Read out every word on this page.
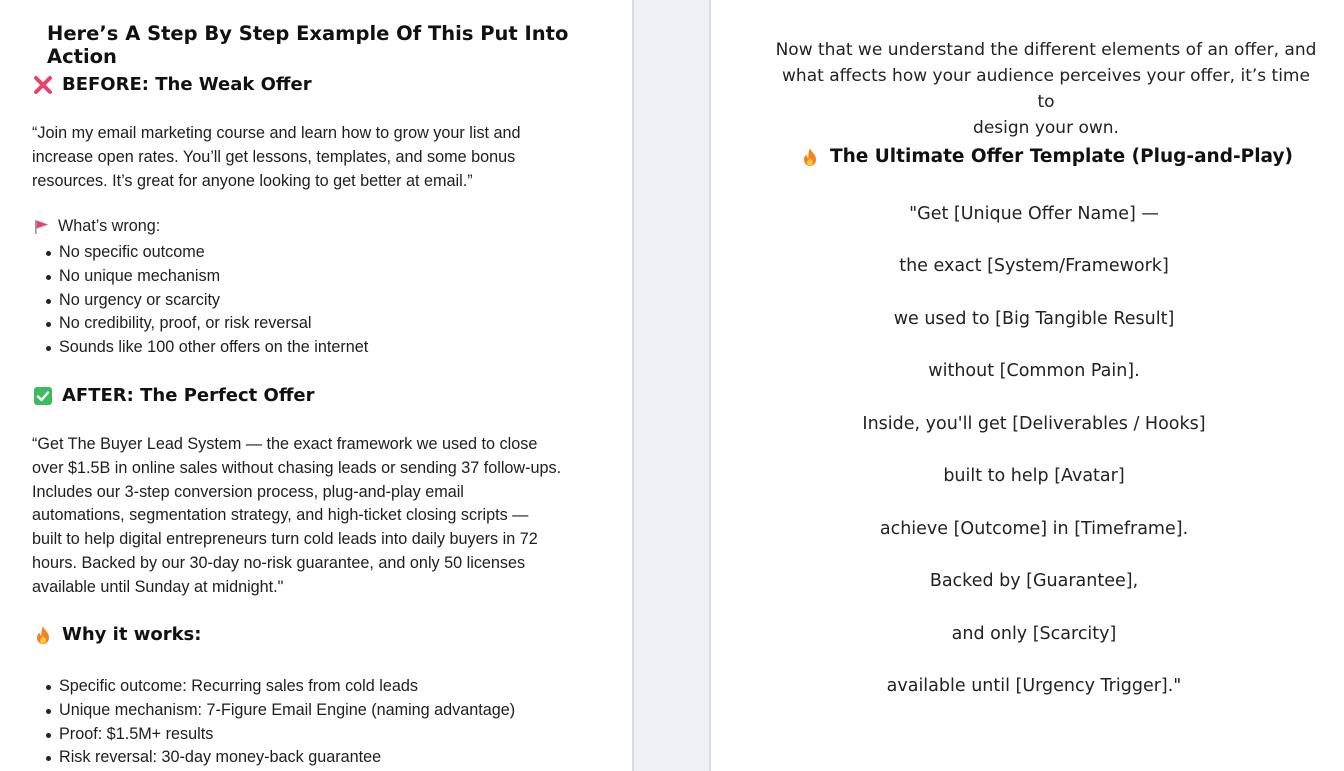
Here’s A Step By Step Example Of This Put Into Action
BEFORE: The Weak Offer

“Join my email marketing course and learn how to grow your list and
increase open rates. You’ll get lessons, templates, and some bonus
resources. It’s great for anyone looking to get better at email.”

What’s wrong:
No specific outcome
No unique mechanism
No urgency or scarcity
No credibility, proof, or risk reversal
Sounds like 100 other offers on the internet
AFTER: The Perfect Offer

“Get The Buyer Lead System — the exact framework we used to close
over $1.5B in online sales without chasing leads or sending 37 follow-ups.
Includes our 3-step conversion process, plug-and-play email
automations, segmentation strategy, and high-ticket closing scripts —
built to help digital entrepreneurs turn cold leads into daily buyers in 72
hours. Backed by our 30-day no-risk guarantee, and only 50 licenses
available until Sunday at midnight."

Why it works:
Specific outcome: Recurring sales from cold leads
Unique mechanism: 7-Figure Email Engine (naming advantage)
Proof: $1.5M+ results
Risk reversal: 30-day money-back guarantee

Now that we understand the different elements of an offer, and
what affects how your audience perceives your offer, it’s time to
design your own.

The Ultimate Offer Template (Plug-and-Play)

"Get [Unique Offer Name] —

the exact [System/Framework]

we used to [Big Tangible Result]

without [Common Pain].

Inside, you'll get [Deliverables / Hooks]

built to help [Avatar]

achieve [Outcome] in [Timeframe].

Backed by [Guarantee],

and only [Scarcity]

available until [Urgency Trigger]."
